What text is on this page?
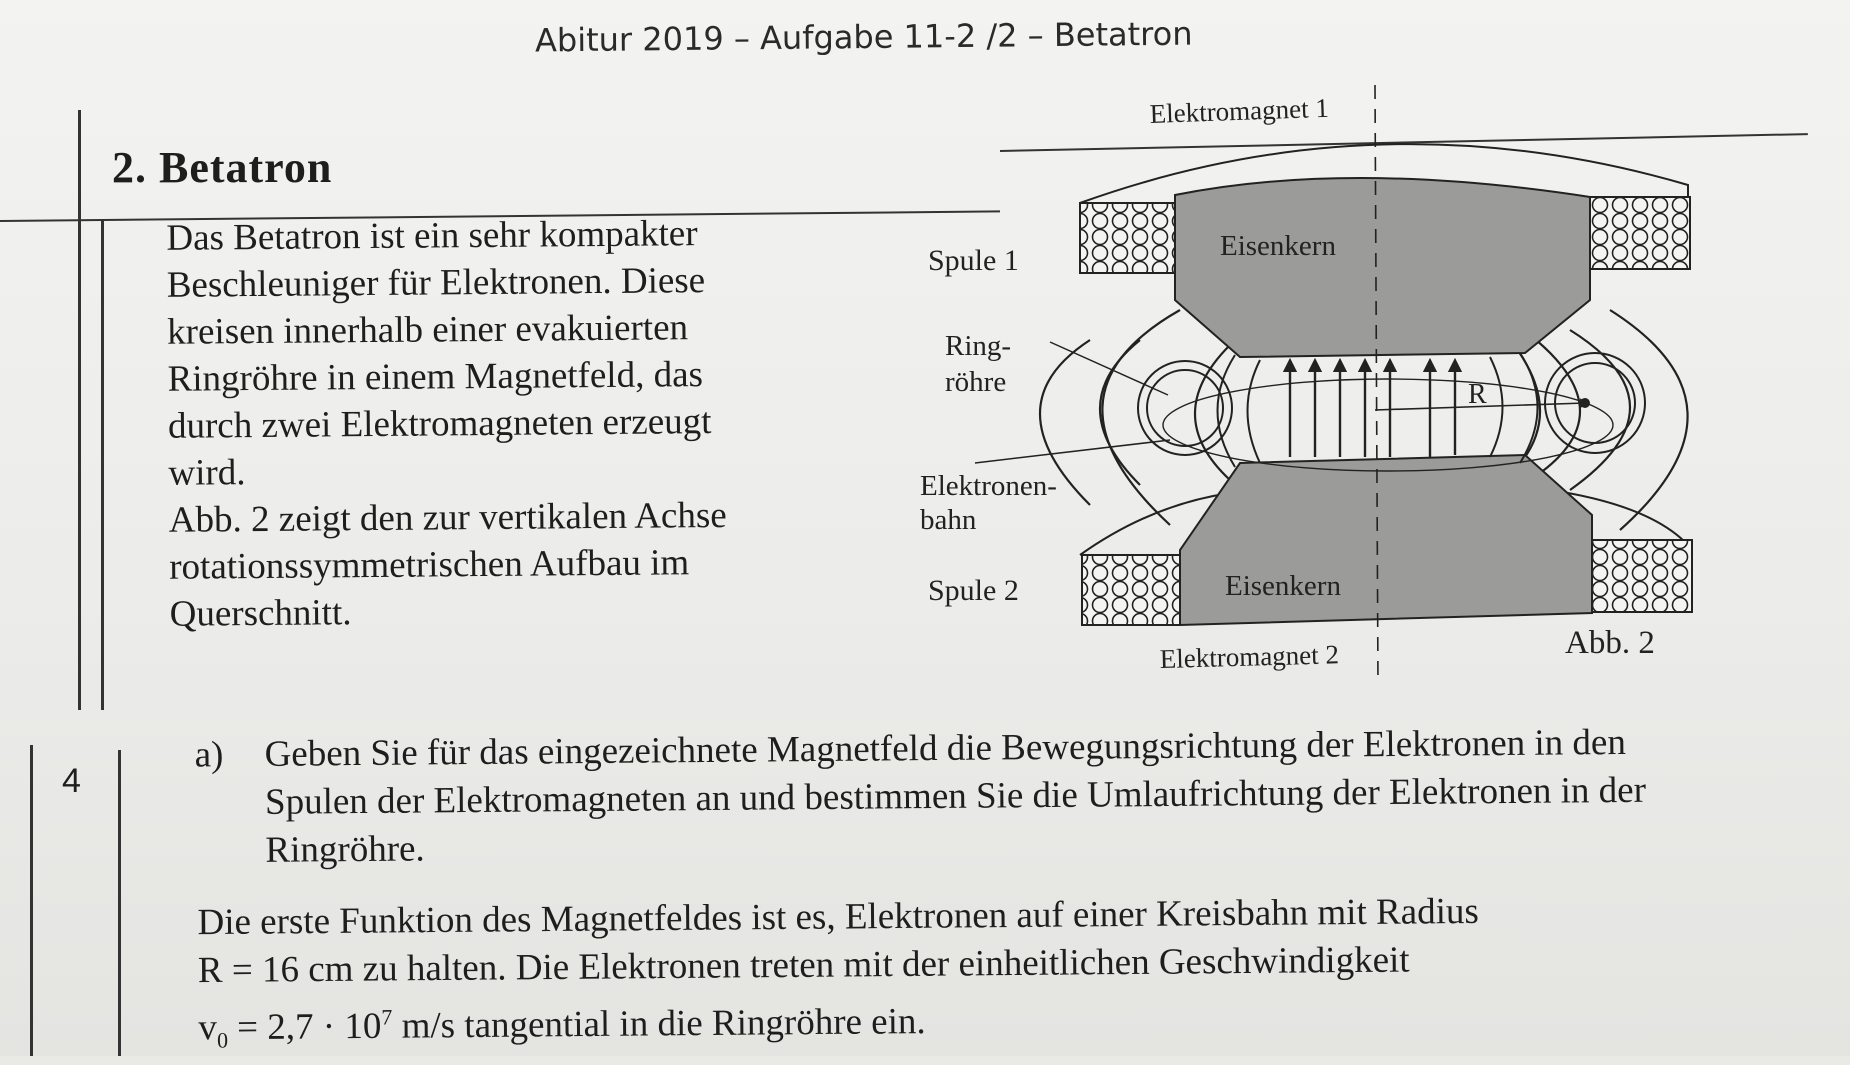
Abitur 2019 – Aufgabe 11-2 /2 – Betatron
2. Betatron

Das Betatron ist ein sehr kompakter

Beschleuniger für Elektronen. Diese

kreisen innerhalb einer evakuierten

Ringröhre in einem Magnetfeld, das

durch zwei Elektromagneten erzeugt

wird.

Abb. 2 zeigt den zur vertikalen Achse

rotationssymmetrischen Aufbau im

Querschnitt.

Elektromagnet 1
Spule 1	Eisenkern
Ring-
röhre	R
Elektronen-
bahn
Spule 2	Eisenkern
Elektromagnet 2	Abb. 2
4
a) Geben Sie für das eingezeichnete Magnetfeld die Bewegungsrichtung der Elektronen in den Spulen der Elektromagneten an und bestimmen Sie die Umlaufrichtung der Elektronen in der Ringröhre.

Die erste Funktion des Magnetfeldes ist es, Elektronen auf einer Kreisbahn mit Radius

R = 16 cm zu halten. Die Elektronen treten mit der einheitlichen Geschwindigkeit

$v_0 = 2,7 \cdot 10^7$ m/s tangential in die Ringröhre ein.
